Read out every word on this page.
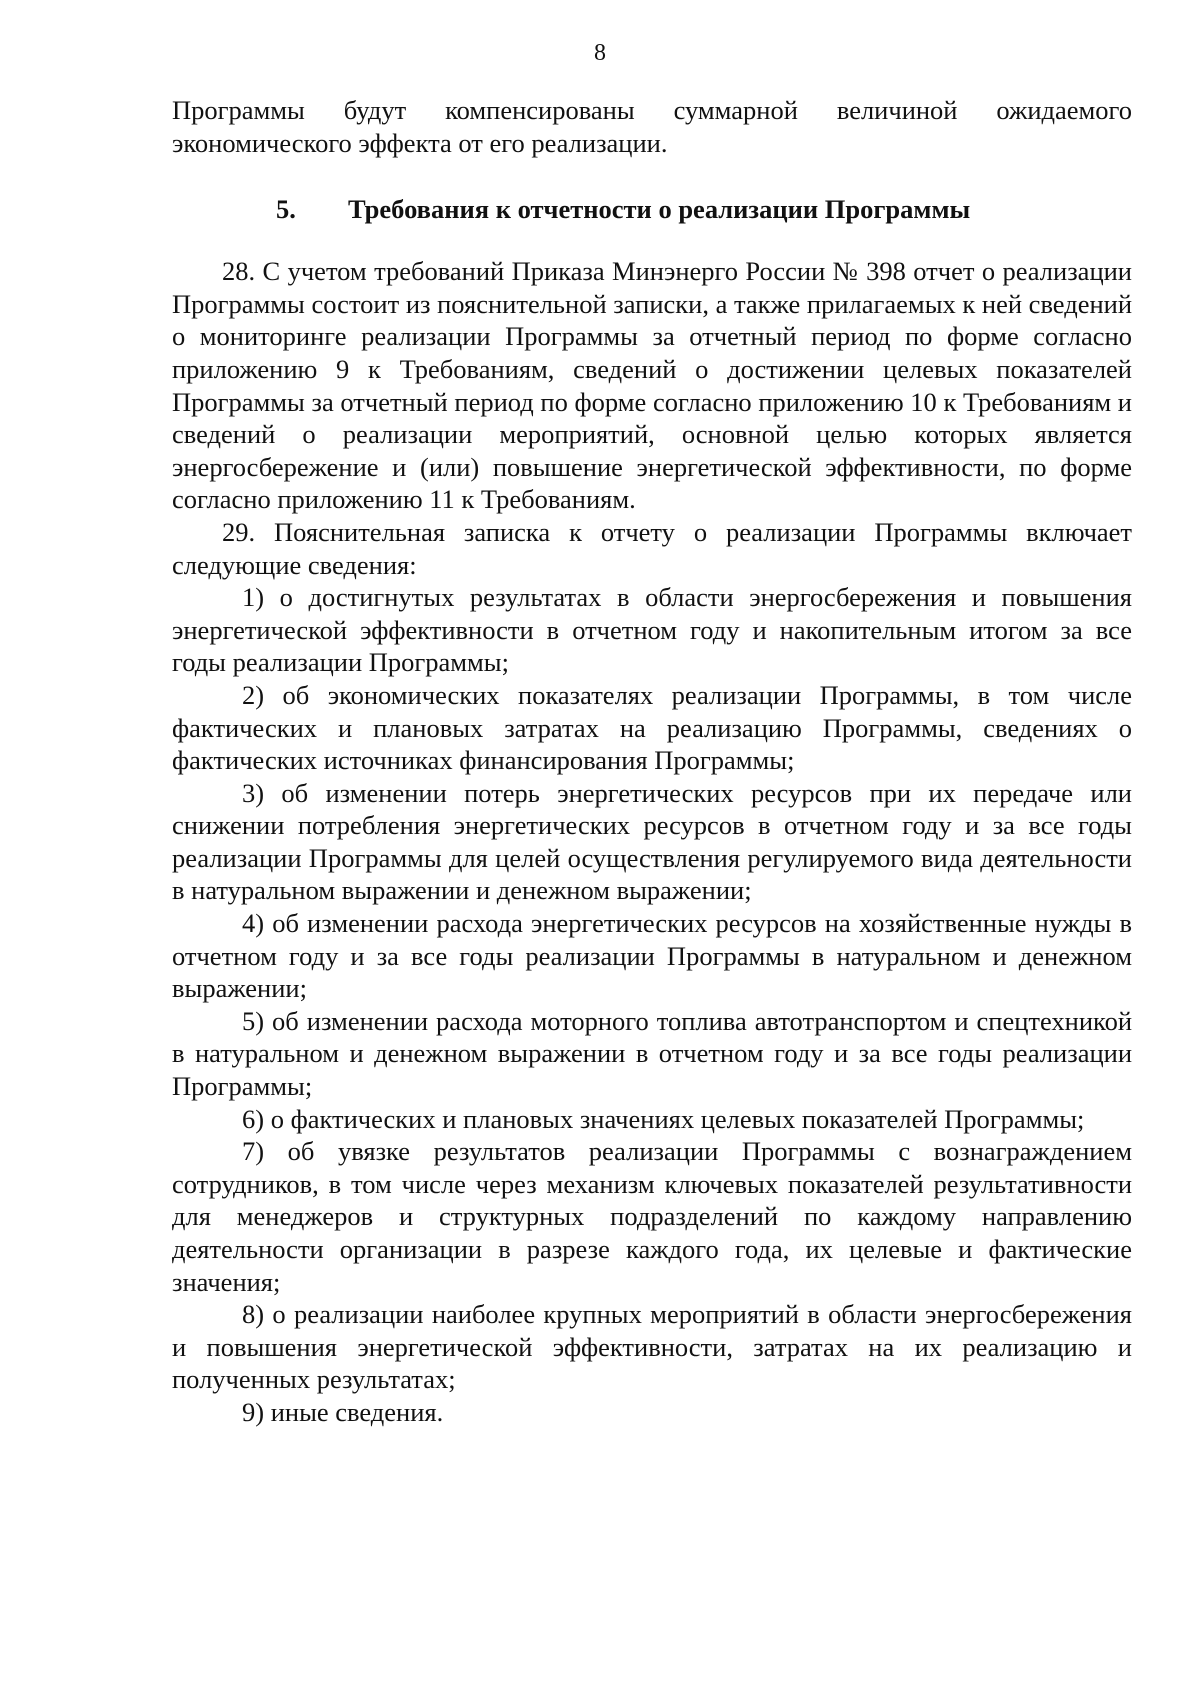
8

Программы будут компенсированы суммарной величиной ожидаемого экономического эффекта от его реализации.

5. Требования к отчетности о реализации Программы

28. С учетом требований Приказа Минэнерго России № 398 отчет о реализации Программы состоит из пояснительной записки, а также прилагаемых к ней сведений о мониторинге реализации Программы за отчетный период по форме согласно приложению 9 к Требованиям, сведений о достижении целевых показателей Программы за отчетный период по форме согласно приложению 10 к Требованиям и сведений о реализации мероприятий, основной целью которых является энергосбережение и (или) повышение энергетической эффективности, по форме согласно приложению 11 к Требованиям.

29. Пояснительная записка к отчету о реализации Программы включает следующие сведения:

1) о достигнутых результатах в области энергосбережения и повышения энергетической эффективности в отчетном году и накопительным итогом за все годы реализации Программы;

2) об экономических показателях реализации Программы, в том числе фактических и плановых затратах на реализацию Программы, сведениях о фактических источниках финансирования Программы;

3) об изменении потерь энергетических ресурсов при их передаче или снижении потребления энергетических ресурсов в отчетном году и за все годы реализации Программы для целей осуществления регулируемого вида деятельности в натуральном выражении и денежном выражении;

4) об изменении расхода энергетических ресурсов на хозяйственные нужды в отчетном году и за все годы реализации Программы в натуральном и денежном выражении;

5) об изменении расхода моторного топлива автотранспортом и спецтехникой в натуральном и денежном выражении в отчетном году и за все годы реализации Программы;

6) о фактических и плановых значениях целевых показателей Программы;

7) об увязке результатов реализации Программы с вознаграждением сотрудников, в том числе через механизм ключевых показателей результативности для менеджеров и структурных подразделений по каждому направлению деятельности организации в разрезе каждого года, их целевые и фактические значения;

8) о реализации наиболее крупных мероприятий в области энергосбережения и повышения энергетической эффективности, затратах на их реализацию и полученных результатах;

9) иные сведения.
